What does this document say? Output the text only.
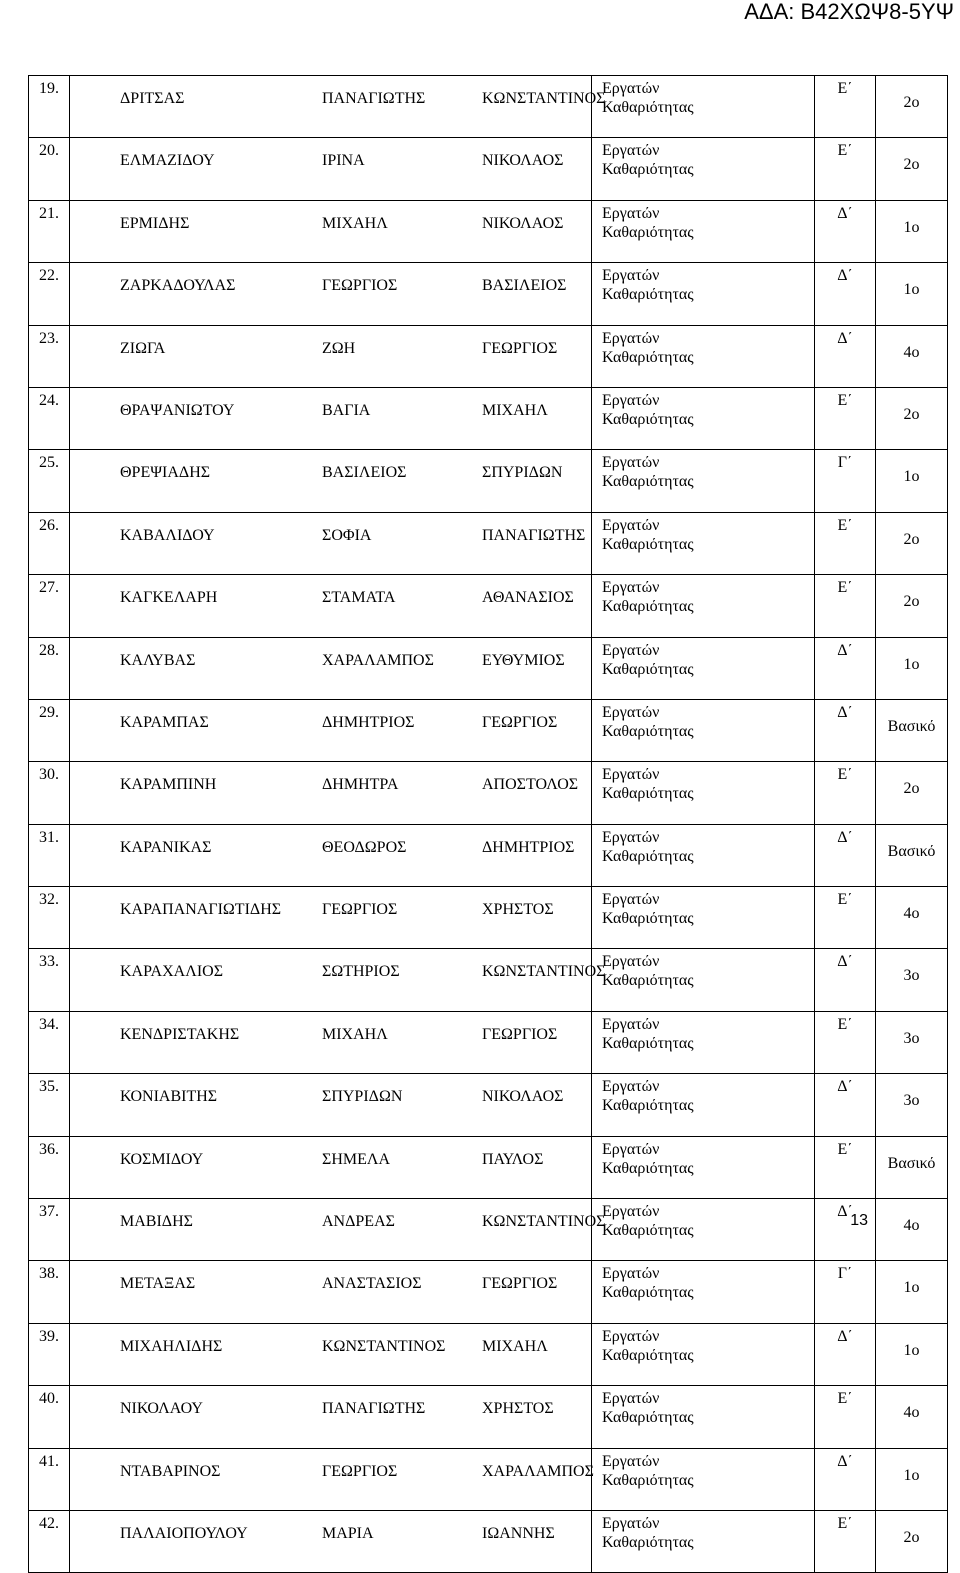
ΑΔΑ: Β42ΧΩΨ8-5ΥΨ
19.	ΔΡΙΤΣΑΣ ΠΑΝΑΓΙΩΤΗΣ ΚΩΝΣΤΑΝΤΙΝΟΣ	Εργατών
Καθαριότητας	Ε΄	2ο
20.	ΕΛΜΑΖΙΔΟΥ ΙΡΙΝΑ ΝΙΚΟΛΑΟΣ	Εργατών
Καθαριότητας	Ε΄	2ο
21.	ΕΡΜΙΔΗΣ ΜΙΧΑΗΛ ΝΙΚΟΛΑΟΣ	Εργατών
Καθαριότητας	Δ΄	1ο
22.	ΖΑΡΚΑΔΟΥΛΑΣ ΓΕΩΡΓΙΟΣ ΒΑΣΙΛΕΙΟΣ	Εργατών
Καθαριότητας	Δ΄	1ο
23.	ΖΙΩΓΑ ΖΩΗ ΓΕΩΡΓΙΟΣ	Εργατών
Καθαριότητας	Δ΄	4ο
24.	ΘΡΑΨΑΝΙΩΤΟΥ ΒΑΓΙΑ ΜΙΧΑΗΛ	Εργατών
Καθαριότητας	Ε΄	2ο
25.	ΘΡΕΨΙΑΔΗΣ ΒΑΣΙΛΕΙΟΣ ΣΠΥΡΙΔΩΝ	Εργατών
Καθαριότητας	Γ΄	1ο
26.	ΚΑΒΑΛΙΔΟΥ ΣΟΦΙΑ ΠΑΝΑΓΙΩΤΗΣ	Εργατών
Καθαριότητας	Ε΄	2ο
27.	ΚΑΓΚΕΛΑΡΗ ΣΤΑΜΑΤΑ ΑΘΑΝΑΣΙΟΣ	Εργατών
Καθαριότητας	Ε΄	2ο
28.	ΚΑΛΥΒΑΣ ΧΑΡΑΛΑΜΠΟΣ ΕΥΘΥΜΙΟΣ	Εργατών
Καθαριότητας	Δ΄	1ο
29.	ΚΑΡΑΜΠΑΣ ΔΗΜΗΤΡΙΟΣ ΓΕΩΡΓΙΟΣ	Εργατών
Καθαριότητας	Δ΄	Βασικό
30.	ΚΑΡΑΜΠΙΝΗ ΔΗΜΗΤΡΑ ΑΠΟΣΤΟΛΟΣ	Εργατών
Καθαριότητας	Ε΄	2ο
31.	ΚΑΡΑΝΙΚΑΣ ΘΕΟΔΩΡΟΣ ΔΗΜΗΤΡΙΟΣ	Εργατών
Καθαριότητας	Δ΄	Βασικό
32.	ΚΑΡΑΠΑΝΑΓΙΩΤΙΔΗΣ ΓΕΩΡΓΙΟΣ ΧΡΗΣΤΟΣ	Εργατών
Καθαριότητας	Ε΄	4ο
33.	ΚΑΡΑΧΑΛΙΟΣ ΣΩΤΗΡΙΟΣ ΚΩΝΣΤΑΝΤΙΝΟΣ	Εργατών
Καθαριότητας	Δ΄	3ο
34.	ΚΕΝΔΡΙΣΤΑΚΗΣ ΜΙΧΑΗΛ ΓΕΩΡΓΙΟΣ	Εργατών
Καθαριότητας	Ε΄	3ο
35.	ΚΟΝΙΑΒΙΤΗΣ ΣΠΥΡΙΔΩΝ ΝΙΚΟΛΑΟΣ	Εργατών
Καθαριότητας	Δ΄	3ο
36.	ΚΟΣΜΙΔΟΥ ΣΗΜΕΛΑ ΠΑΥΛΟΣ	Εργατών
Καθαριότητας	Ε΄	Βασικό
37.	ΜΑΒΙΔΗΣ ΑΝΔΡΕΑΣ ΚΩΝΣΤΑΝΤΙΝΟΣ	Εργατών
Καθαριότητας	Δ΄	4ο
38.	ΜΕΤΑΞΑΣ ΑΝΑΣΤΑΣΙΟΣ ΓΕΩΡΓΙΟΣ	Εργατών
Καθαριότητας	Γ΄	1ο
39.	ΜΙΧΑΗΛΙΔΗΣ ΚΩΝΣΤΑΝΤΙΝΟΣ ΜΙΧΑΗΛ	Εργατών
Καθαριότητας	Δ΄	1ο
40.	ΝΙΚΟΛΑΟΥ ΠΑΝΑΓΙΩΤΗΣ ΧΡΗΣΤΟΣ	Εργατών
Καθαριότητας	Ε΄	4ο
41.	ΝΤΑΒΑΡΙΝΟΣ ΓΕΩΡΓΙΟΣ ΧΑΡΑΛΑΜΠΟΣ	Εργατών
Καθαριότητας	Δ΄	1ο
42.	ΠΑΛΑΙΟΠΟΥΛΟΥ ΜΑΡΙΑ ΙΩΑΝΝΗΣ	Εργατών
Καθαριότητας	Ε΄	2ο
13
